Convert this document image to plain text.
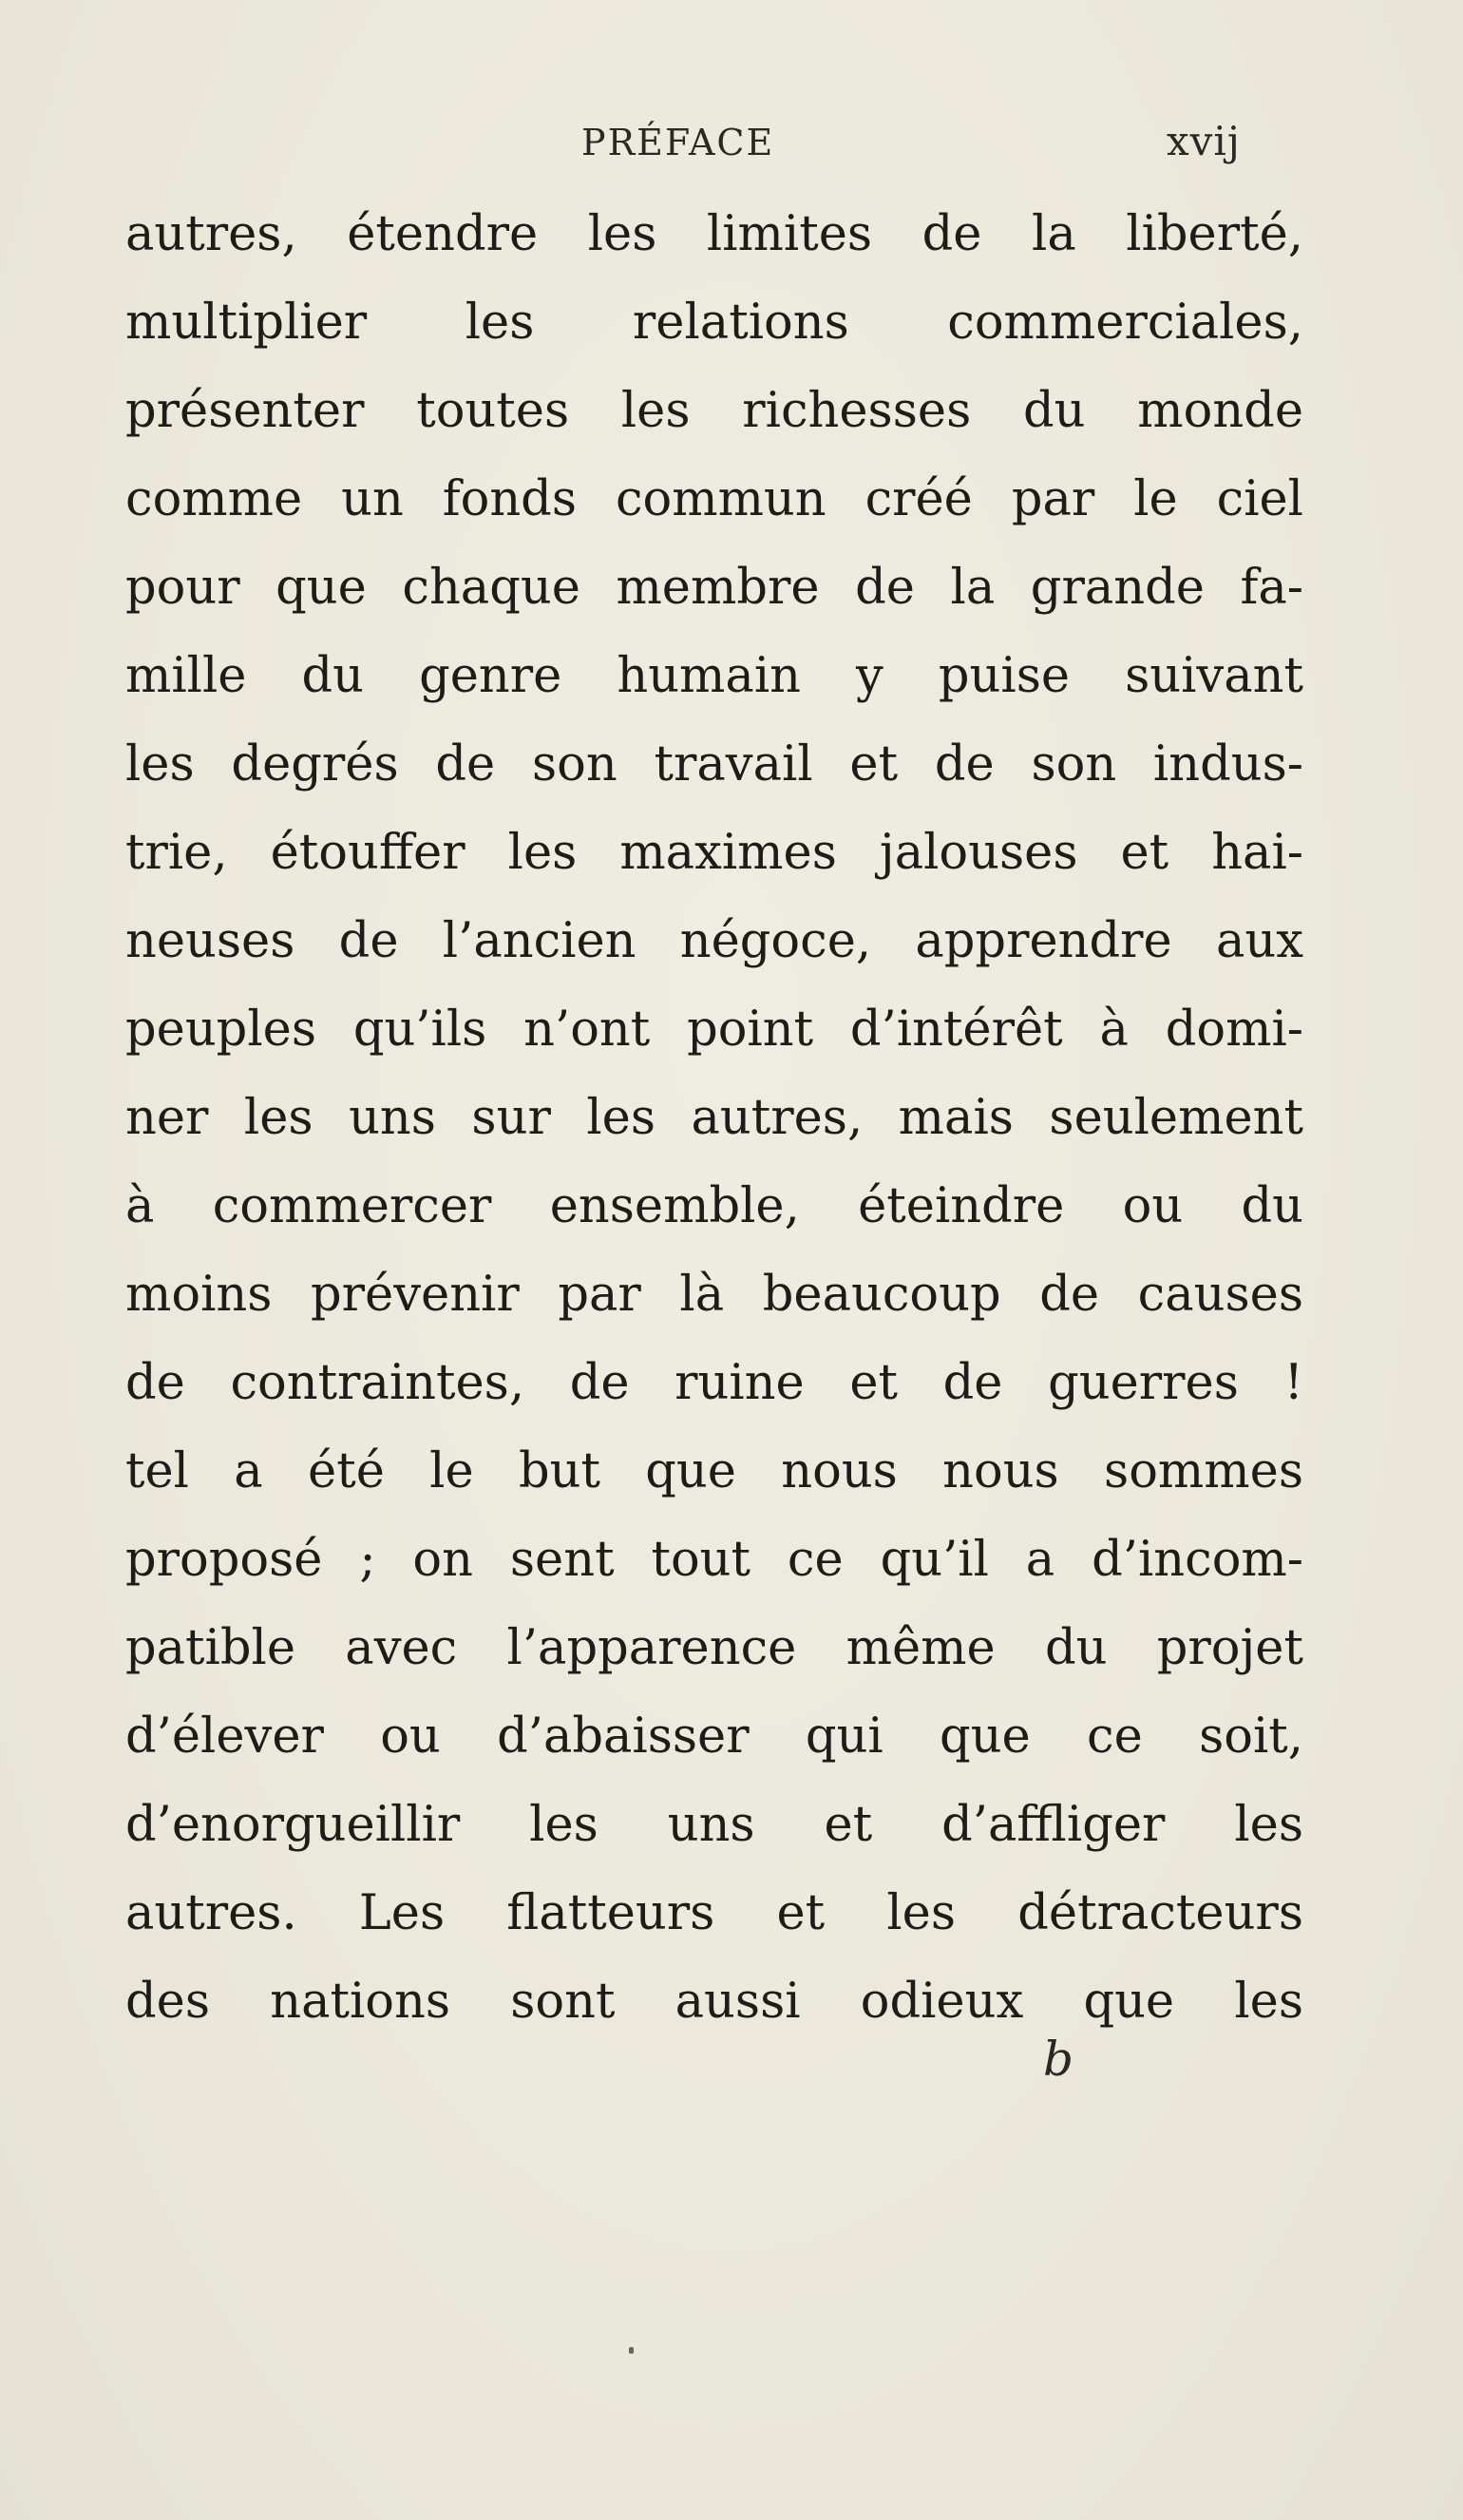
PRÉFACE	xvij
autres, étendre les limites de la liberté,
multiplier les relations commerciales,
présenter toutes les richesses du monde
comme un fonds commun créé par le ciel
pour que chaque membre de la grande fa-
mille du genre humain y puise suivant
les degrés de son travail et de son indus-
trie, étouffer les maximes jalouses et hai-
neuses de l’ancien négoce, apprendre aux
peuples qu’ils n’ont point d’intérêt à domi-
ner les uns sur les autres, mais seulement
à commercer ensemble, éteindre ou du
moins prévenir par là beaucoup de causes
de contraintes, de ruine et de guerres !
tel a été le but que nous nous sommes
proposé ; on sent tout ce qu’il a d’incom-
patible avec l’apparence même du projet
d’élever ou d’abaisser qui que ce soit,
d’enorgueillir les uns et d’affliger les
autres. Les flatteurs et les détracteurs
des nations sont aussi odieux que les
b
